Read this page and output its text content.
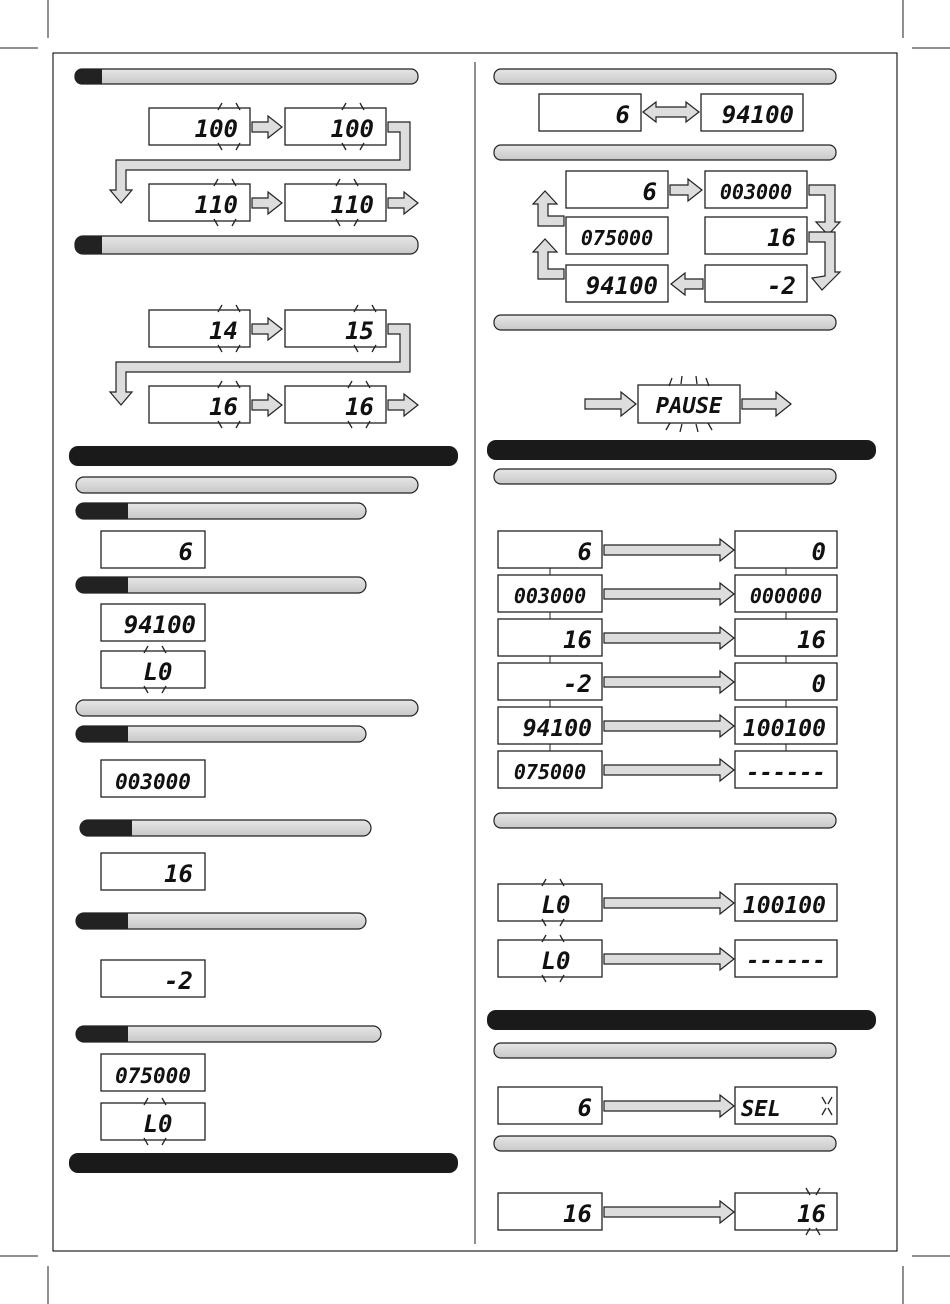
100	100
110	110
14	15
16	16
6
94100
L0
003000
16
-2
075000
L0
6	94100
6	003000
075000	16
94100	-2
PAUSE
6	0
003000	000000
16	16
-2	0
94100	100100
075000	------
L0	100100
L0	------
6	SEL
16	16
